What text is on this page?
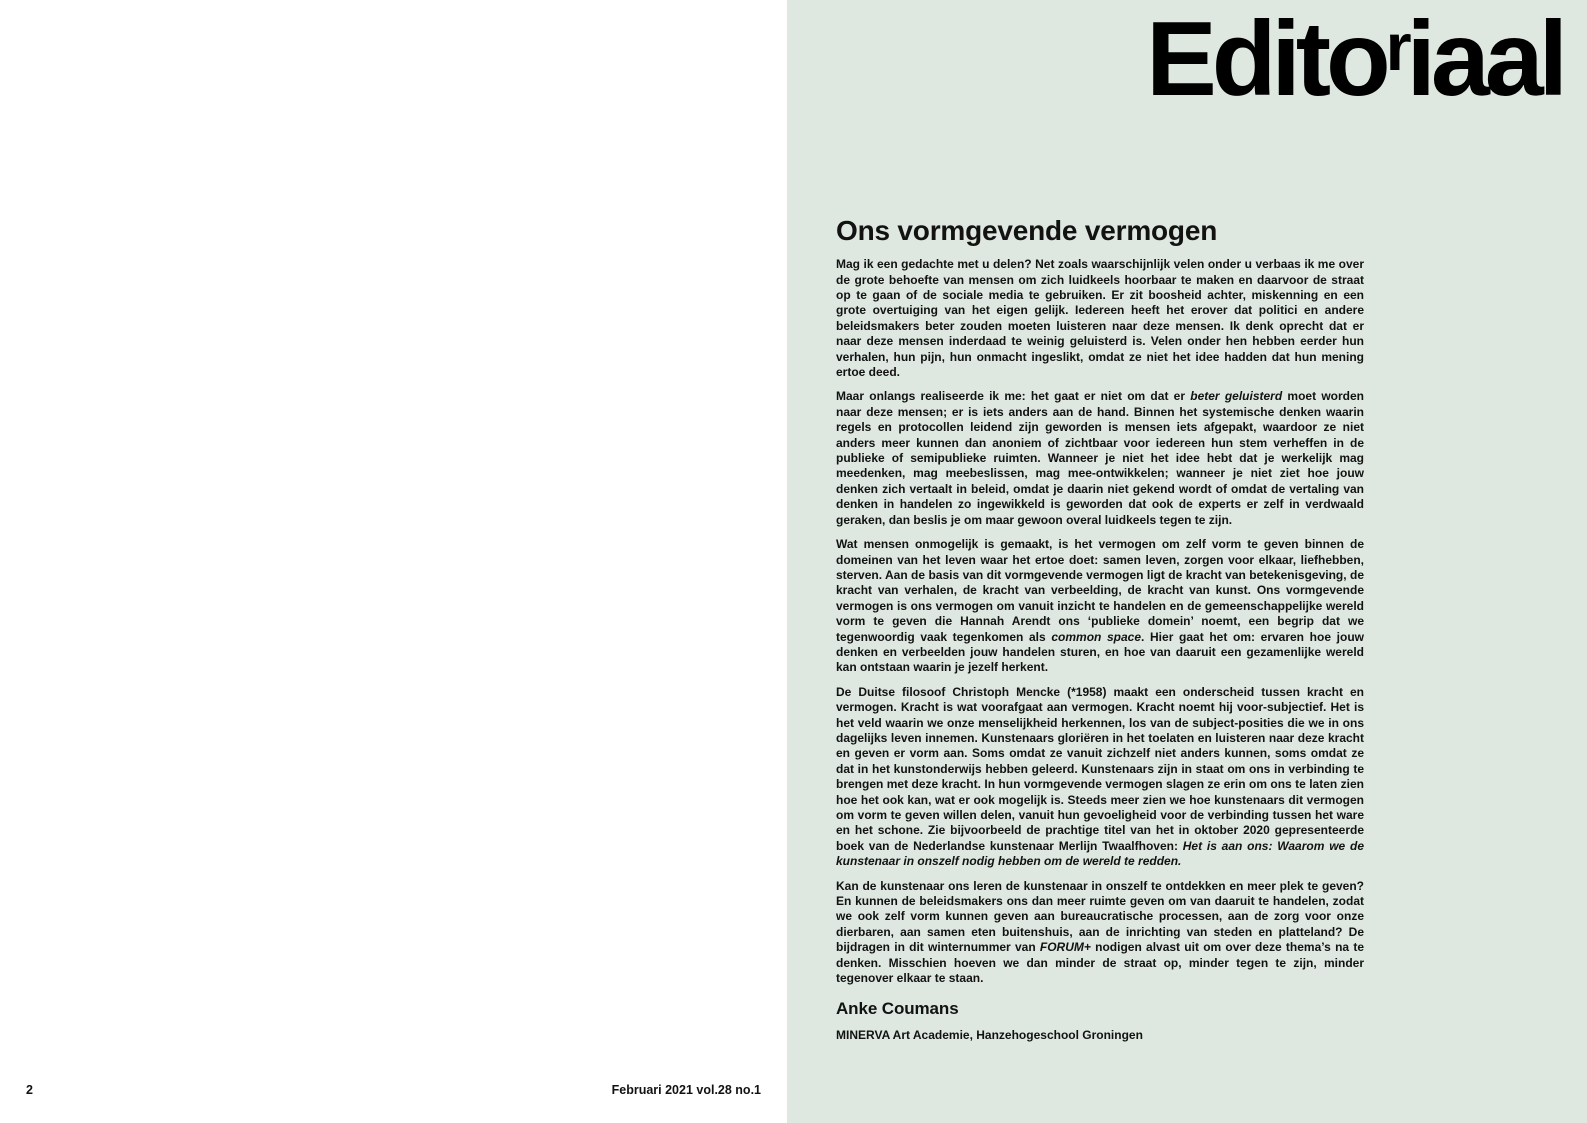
2	Februari 2021 vol.28 no.1
Editoriaal
Ons vormgevende vermogen

Mag ik een gedachte met u delen? Net zoals waarschijnlijk velen onder u verbaas ik me over de grote behoefte van mensen om zich luidkeels hoorbaar te maken en daarvoor de straat op te gaan of de sociale media te gebruiken. Er zit boosheid achter, miskenning en een grote overtuiging van het eigen gelijk. Iedereen heeft het erover dat politici en andere beleidsmakers beter zouden moeten luisteren naar deze mensen. Ik denk oprecht dat er naar deze mensen inderdaad te weinig geluisterd is. Velen onder hen hebben eerder hun verhalen, hun pijn, hun onmacht ingeslikt, omdat ze niet het idee hadden dat hun mening ertoe deed.

Maar onlangs realiseerde ik me: het gaat er niet om dat er beter geluisterd moet worden naar deze mensen; er is iets anders aan de hand. Binnen het systemische denken waarin regels en protocollen leidend zijn geworden is mensen iets afgepakt, waardoor ze niet anders meer kunnen dan anoniem of zichtbaar voor iedereen hun stem verheffen in de publieke of semipublieke ruimten. Wanneer je niet het idee hebt dat je werkelijk mag meedenken, mag meebeslissen, mag mee-ontwikkelen; wanneer je niet ziet hoe jouw denken zich vertaalt in beleid, omdat je daarin niet gekend wordt of omdat de vertaling van denken in handelen zo ingewikkeld is geworden dat ook de experts er zelf in verdwaald geraken, dan beslis je om maar gewoon overal luidkeels tegen te zijn.

Wat mensen onmogelijk is gemaakt, is het vermogen om zelf vorm te geven binnen de domeinen van het leven waar het ertoe doet: samen leven, zorgen voor elkaar, liefhebben, sterven. Aan de basis van dit vormgevende vermogen ligt de kracht van betekenisgeving, de kracht van verhalen, de kracht van verbeelding, de kracht van kunst. Ons vormgevende vermogen is ons vermogen om vanuit inzicht te handelen en de gemeenschappelijke wereld vorm te geven die Hannah Arendt ons ‘publieke domein’ noemt, een begrip dat we tegenwoordig vaak tegenkomen als common space. Hier gaat het om: ervaren hoe jouw denken en verbeelden jouw handelen sturen, en hoe van daaruit een gezamenlijke wereld kan ontstaan waarin je jezelf herkent.

De Duitse filosoof Christoph Mencke (*1958) maakt een onderscheid tussen kracht en vermogen. Kracht is wat voorafgaat aan vermogen. Kracht noemt hij voor-subjectief. Het is het veld waarin we onze menselijkheid herkennen, los van de subject-posities die we in ons dagelijks leven innemen. Kunstenaars gloriëren in het toelaten en luisteren naar deze kracht en geven er vorm aan. Soms omdat ze vanuit zichzelf niet anders kunnen, soms omdat ze dat in het kunstonderwijs hebben geleerd. Kunstenaars zijn in staat om ons in verbinding te brengen met deze kracht. In hun vormgevende vermogen slagen ze erin om ons te laten zien hoe het ook kan, wat er ook mogelijk is. Steeds meer zien we hoe kunstenaars dit vermogen om vorm te geven willen delen, vanuit hun gevoeligheid voor de verbinding tussen het ware en het schone. Zie bijvoorbeeld de prachtige titel van het in oktober 2020 gepresenteerde boek van de Nederlandse kunstenaar Merlijn Twaalfhoven: Het is aan ons: Waarom we de kunstenaar in onszelf nodig hebben om de wereld te redden.

Kan de kunstenaar ons leren de kunstenaar in onszelf te ontdekken en meer plek te geven? En kunnen de beleidsmakers ons dan meer ruimte geven om van daaruit te handelen, zodat we ook zelf vorm kunnen geven aan bureaucratische processen, aan de zorg voor onze dierbaren, aan samen eten buitenshuis, aan de inrichting van steden en platteland? De bijdragen in dit winternummer van FORUM+ nodigen alvast uit om over deze thema’s na te denken. Misschien hoeven we dan minder de straat op, minder tegen te zijn, minder tegenover elkaar te staan.

Anke Coumans
MINERVA Art Academie, Hanzehogeschool Groningen
